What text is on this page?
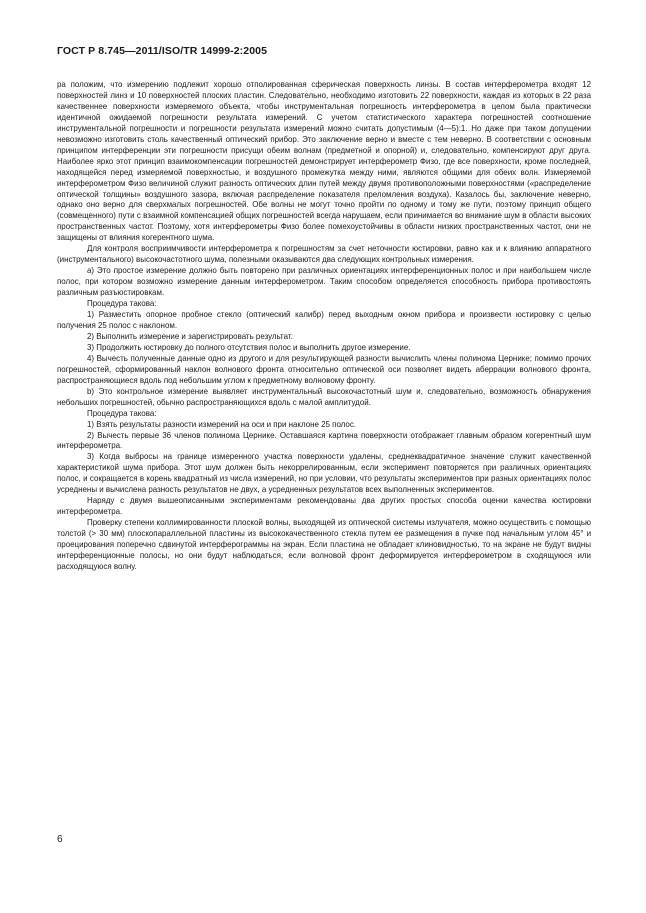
ГОСТ Р 8.745—2011/ISO/TR 14999-2:2005

ра положим, что измерению подлежит хорошо отполированная сферическая поверхность линзы. В состав интерферометра входят 12 поверхностей линз и 10 поверхностей плоских пластин. Следовательно, необходимо изготовить 22 поверхности, каждая из которых в 22 раза качественнее поверхности измеряемого объекта, чтобы инструментальная погрешность интерферометра в целом была практически идентичной ожидаемой погрешности результата измерений. С учетом статистического характера погрешностей соотношение инструментальной погрешности и погрешности результата измерений можно считать допустимым (4—5):1. Но даже при таком допущении невозможно изготовить столь качественный оптический прибор. Это заключение верно и вместе с тем неверно. В соответствии с основным принципом интерференции эти погрешности присущи обеим волнам (предметной и опорной) и, следовательно, компенсируют друг друга. Наиболее ярко этот принцип взаимокомпенсации погрешностей демонстрирует интерферометр Физо, где все поверхности, кроме последней, находящейся перед измеряемой поверхностью, и воздушного промежутка между ними, являются общими для обеих волн. Измеряемой интерферометром Физо величиной служит разность оптических длин путей между двумя противоположными поверхностями («распределение оптической толщины» воздушного зазора, включая распределение показателя преломления воздуха). Казалось бы, заключение неверно, однако оно верно для сверхмалых погрешностей. Обе волны не могут точно пройти по одному и тому же пути, поэтому принцип общего (совмещенного) пути с взаимной компенсацией общих погрешностей всегда нарушаем, если принимается во внимание шум в области высоких пространственных частот. Поэтому, хотя интерферометры Физо более помехоустойчивы в области низких пространственных частот, они не защищены от влияния когерентного шума.

Для контроля восприимчивости интерферометра к погрешностям за счет неточности юстировки, равно как и к влиянию аппаратного (инструментального) высокочастотного шума, полезными оказываются два следующих контрольных измерения.

а) Это простое измерение должно быть повторено при различных ориентациях интерференционных полос и при наибольшем числе полос, при котором возможно измерение данным интерферометром. Таким способом определяется способность прибора противостоять различным разъюстировкам.

Процедура такова:

1) Разместить опорное пробное стекло (оптический калибр) перед выходным окном прибора и произвести юстировку с целью получения 25 полос с наклоном.

2) Выполнить измерение и зарегистрировать результат.

3) Продолжить юстировку до полного отсутствия полос и выполнить другое измерение.

4) Вычесть полученные данные одно из другого и для результирующей разности вычислить члены полинома Цернике; помимо прочих погрешностей, сформированный наклон волнового фронта относительно оптической оси позволяет видеть аберрации волнового фронта, распространяющиеся вдоль под небольшим углом к предметному волновому фронту.

b) Это контрольное измерение выявляет инструментальный высокочастотный шум и, следовательно, возможность обнаружения небольших погрешностей, обычно распространяющихся вдоль с малой амплитудой.

Процедура такова:

1) Взять результаты разности измерений на оси и при наклоне 25 полос.

2) Вычесть первые 36 членов полинома Цернике. Оставшаяся картина поверхности отображает главным образом когерентный шум интерферометра.

3) Когда выбросы на границе измеренного участка поверхности удалены, среднеквадратичное значение служит качественной характеристикой шума прибора. Этот шум должен быть некоррелированным, если эксперимент повторяется при различных ориентациях полос, и сокращается в корень квадратный из числа измерений, но при условии, что результаты экспериментов при разных ориентациях полос усреднены и вычислена разность результатов не двух, а усредненных результатов всех выполненных экспериментов.

Наряду с двумя вышеописанными экспериментами рекомендованы два других простых способа оценки качества юстировки интерферометра.

Проверку степени коллимированности плоской волны, выходящей из оптической системы излучателя, можно осуществить с помощью толстой (> 30 мм) плоскопараллельной пластины из высококачественного стекла путем ее размещения в пучке под начальным углом 45° и проецирования поперечно сдвинутой интерферограммы на экран. Если пластина не обладает клиновидностью, то на экране не будут видны интерференционные полосы, но они будут наблюдаться, если волновой фронт деформируется интерферометром в сходящуюся или расходящуюся волну.

6
